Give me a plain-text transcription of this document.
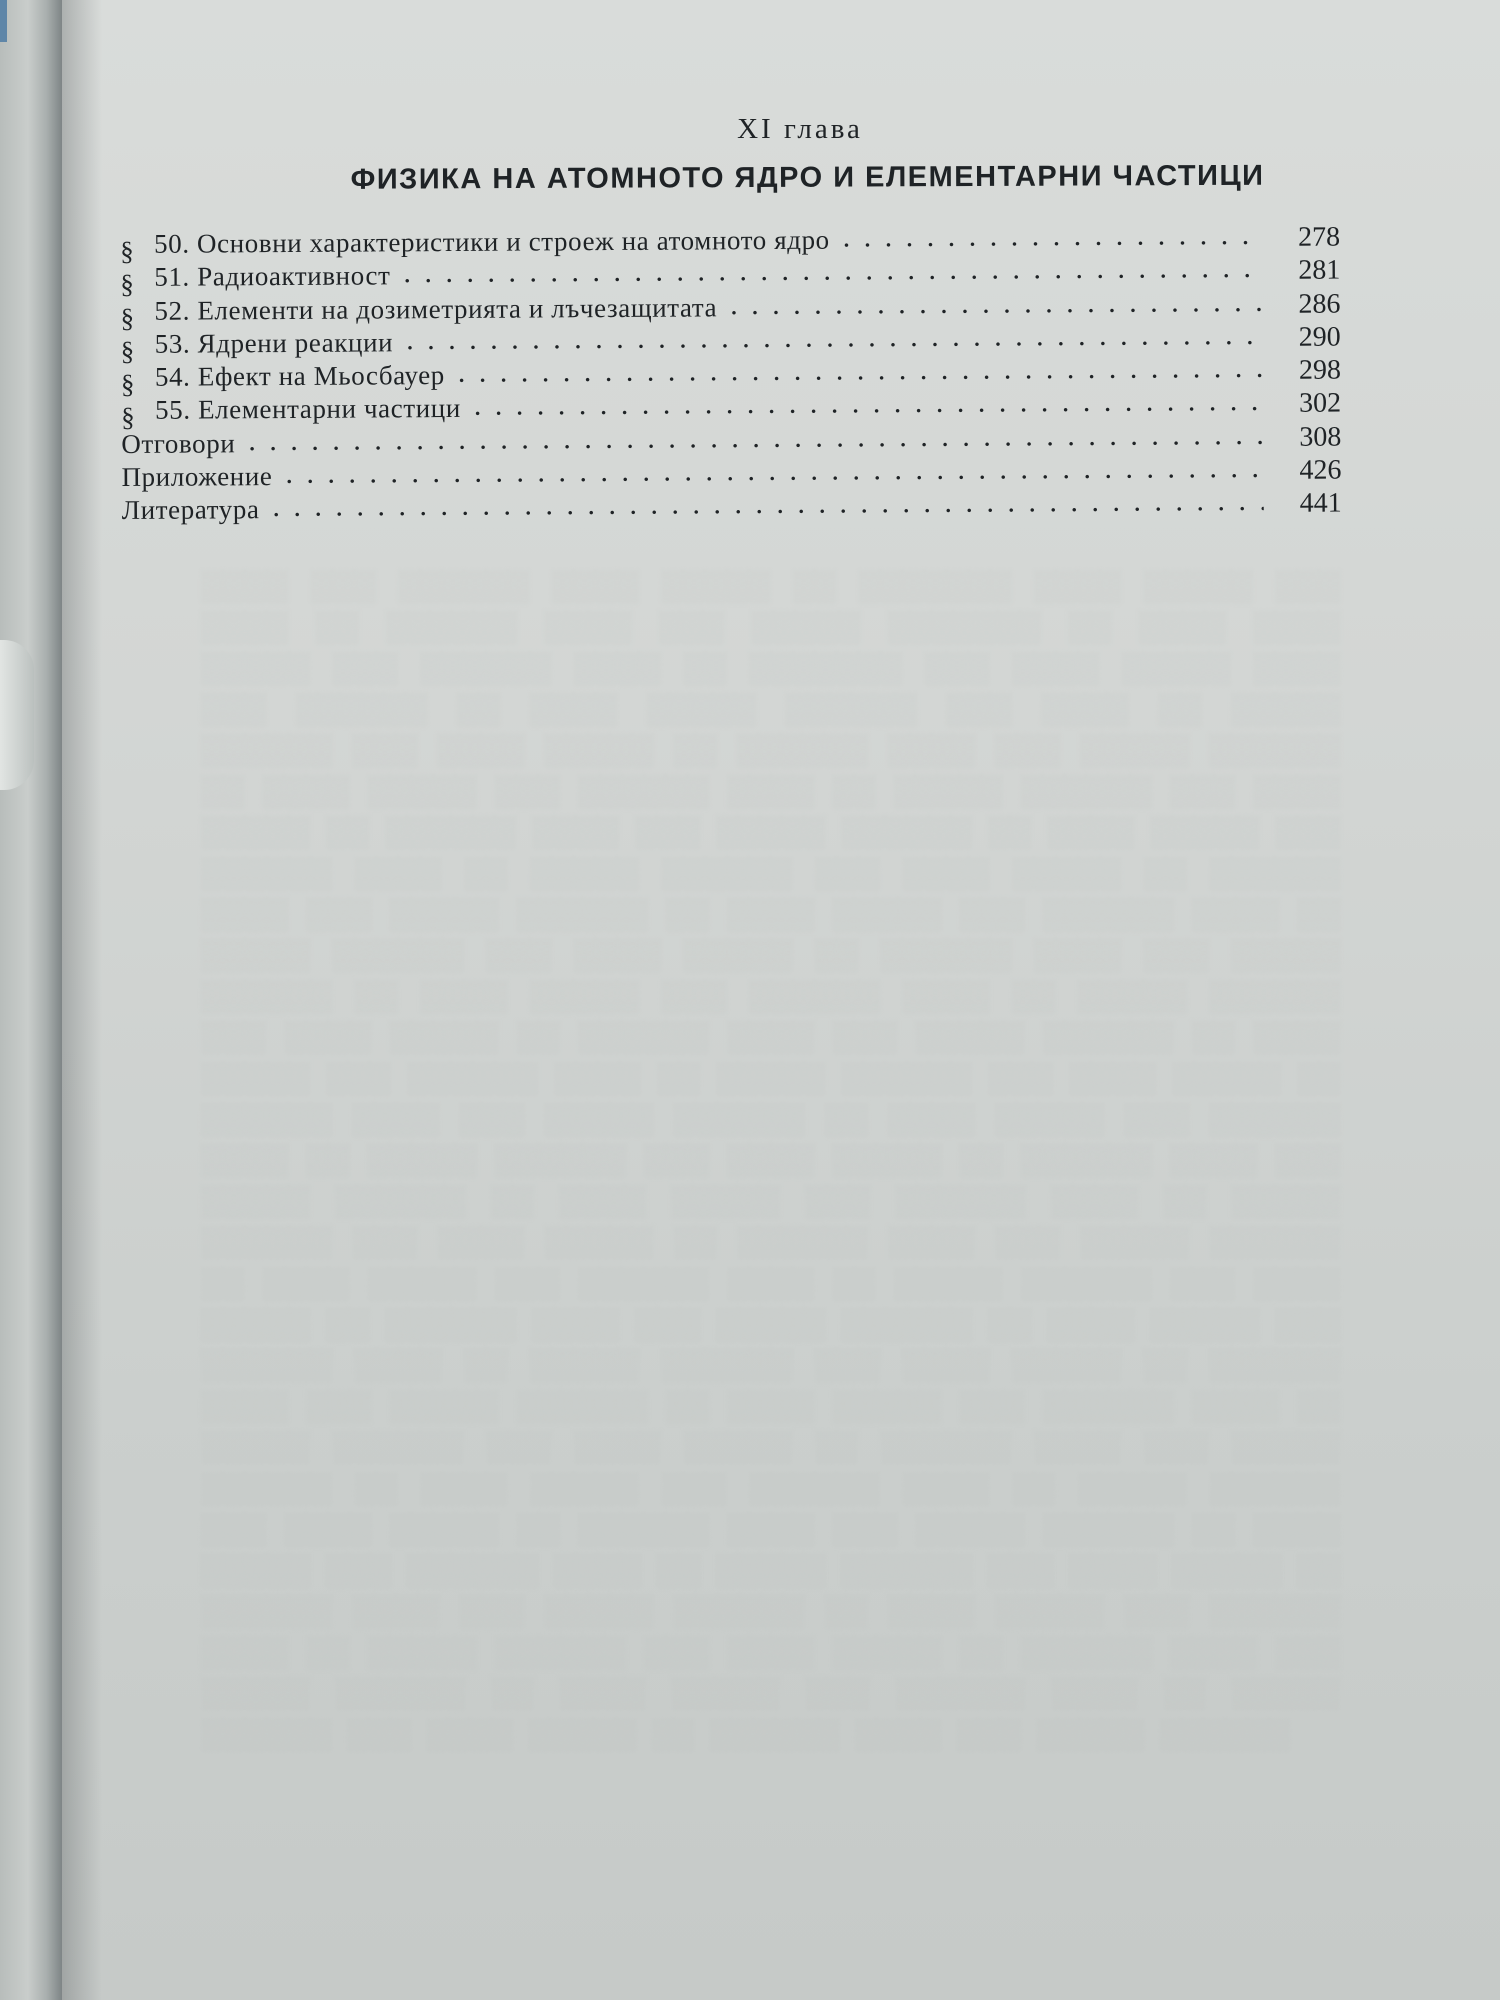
░░░░ ░░░ ░░░░░░ ░░░░ ░░░░░ ░░ ░░░░░░░ ░░░░ ░░░░░ ░░░ ░░░░ ░░ ░░░░░░ ░░░░ ░░░ ░░░░░ ░░░░░░░ ░░ ░░░░ ░░░░ ░░░░░ ░░░ ░░░░░░ ░░░░ ░░ ░░░░░░░ ░░░ ░░░░ ░░░░░ ░░░░ ░░░ ░░░░░░ ░░ ░░░░ ░░░░░ ░░░░░░ ░░░ ░░░░ ░░ ░░░░░ ░░░░░░ ░░░ ░░░░ ░░░░░ ░░ ░░░░░░ ░░░░ ░░░ ░░░░░ ░░░░░░ ░░ ░░░░ ░░░░░ ░░░ ░░░░░░ ░░░░ ░░ ░░░░░ ░░░░░░ ░░░ ░░░░ ░░░░░ ░░ ░░░░░░ ░░░░ ░░░ ░░░░░ ░░░░░░ ░░ ░░░░ ░░░░░ ░░░ ░░░░░░ ░░░░ ░░ ░░░░░ ░░░░░░ ░░░ ░░░░ ░░░░░ ░░ ░░░░░░ ░░░░ ░░░ ░░░░░ ░░░░░░ ░░ ░░░░ ░░░░░ ░░░ ░░░░░░ ░░░░ ░░ ░░░░░ ░░░░░░ ░░░ ░░░░ ░░░░░ ░░ ░░░░░░ ░░░░ ░░░ ░░░░░ ░░░░░░ ░░ ░░░░ ░░░░░ ░░░ ░░░░░░ ░░░░ ░░ ░░░░░ ░░░░░░ ░░░ ░░░░ ░░░░░ ░░ ░░░░░░ ░░░░ ░░░ ░░░░░ ░░░░░░ ░░ ░░░░ ░░░░░ ░░░ ░░░░░░ ░░░░ ░░ ░░░░░ ░░░░░░ ░░░ ░░░░ ░░░░░ ░░ ░░░░░░ ░░░░ ░░░ ░░░░░ ░░░░░░ ░░ ░░░░ ░░░░░ ░░░ ░░░░░░ ░░░░ ░░ ░░░░░ ░░░░░░ ░░░ ░░░░ ░░░░░ ░░ ░░░░░░ ░░░░ ░░░ ░░░░░ ░░░░░░ ░░ ░░░░ ░░░░░ ░░░ ░░░░░░ ░░░░ ░░ ░░░░░ ░░░░░░ ░░░ ░░░░ ░░░░░ ░░ ░░░░░░ ░░░░ ░░░ ░░░░░ ░░░░░░ ░░ ░░░░ ░░░░░ ░░░ ░░░░░░ ░░░░ ░░ ░░░░░ ░░░░░░ ░░░ ░░░░ ░░░░░ ░░ ░░░░░░ ░░░░ ░░░ ░░░░░ ░░░░░░ ░░ ░░░░ ░░░░░ ░░░ ░░░░░░ ░░░░ ░░ ░░░░░ ░░░░░░ ░░░ ░░░░ ░░░░░ ░░ ░░░░░░ ░░░░ ░░░ ░░░░░ ░░░░░░ ░░ ░░░░ ░░░░░ ░░░ ░░░░░░ ░░░░ ░░ ░░░░░ ░░░░░░ ░░░ ░░░░ ░░░░░ ░░ ░░░░░░ ░░░░ ░░░ ░░░░░ ░░░░░░ ░░ ░░░░ ░░░░░ ░░░ ░░░░░░ ░░░░ ░░ ░░░░░ ░░░░░░ ░░░ ░░░░ ░░░░░ ░░ ░░░░░░ ░░░░ ░░░ ░░░░░ ░░░░░░ ░░ ░░░░ ░░░░░ ░░░ ░░░░░░ ░░░░ ░░ ░░░░░ ░░░░░░ ░░░ ░░░░ ░░░░░ ░░ ░░░░░░ ░░░░ ░░░ ░░░░░ ░░░░░░ ░░ ░░░░ ░░░░░ ░░░ ░░░░░░ ░░░░ ░░ ░░░░░ ░░░░░░ ░░░ ░░░░ ░░░░░ ░░ ░░░░░░ ░░░░ ░░░ ░░░░░ ░░░░░░ ░░ ░░░░ ░░░░░ ░░░ ░░░░░░ ░░░░ ░░ ░░░░░ ░░░░░░ ░░░ ░░░░ ░░░░░ ░░ ░░░░░░ ░░░░ ░░░ ░░░░░ ░░░░░░
XI глава
ФИЗИКА НА АТОМНОТО ЯДРО И ЕЛЕМЕНТАРНИ ЧАСТИЦИ
§ 50. Основни характеристики и строеж на атомното ядро . . .	278
§ 51. Радиоактивност . . .	281
§ 52. Елементи на дозиметрията и лъчезащитата . . .	286
§ 53. Ядрени реакции . . .	290
§ 54. Ефект на Мьосбауер . . .	298
§ 55. Елементарни частици . . .	302
Отговори . . .	308
Приложение . . .	426
Литература . . .	441
